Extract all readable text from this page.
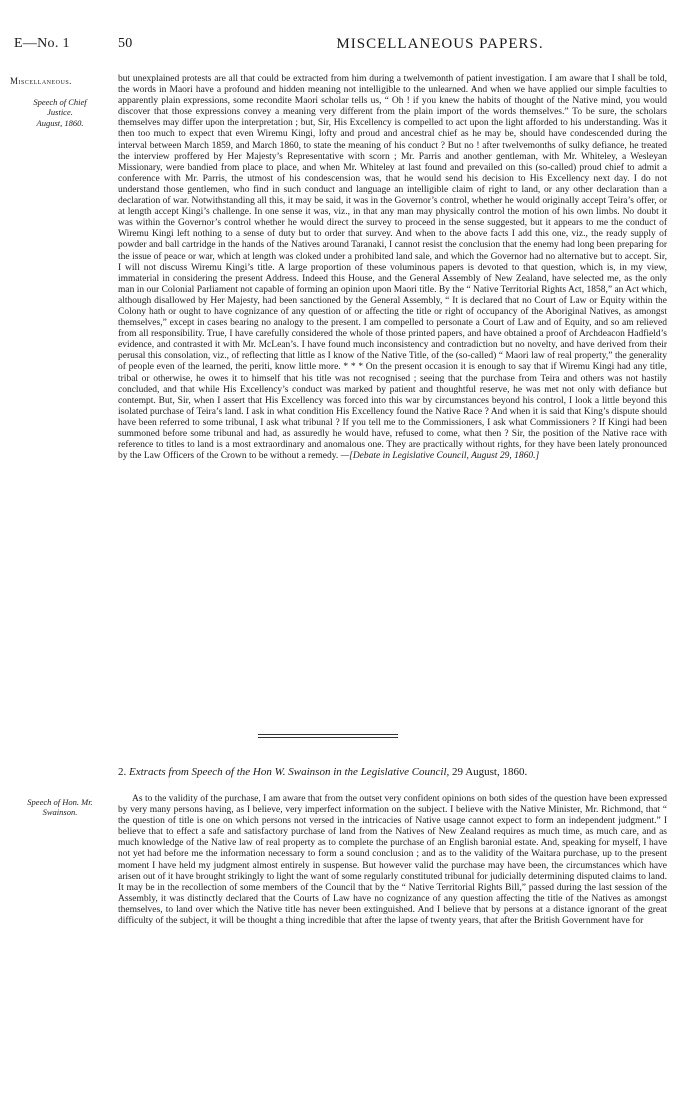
E—No. 1	50	MISCELLANEOUS PAPERS.
Miscellaneous.
Speech of Chief
Justice.
August, 1860.

but unexplained protests are all that could be extracted from him during a twelvemonth of patient investigation. I am aware that I shall be told, the words in Maori have a profound and hidden meaning not intelligible to the unlearned. And when we have applied our simple faculties to apparently plain expressions, some recondite Maori scholar tells us, “ Oh ! if you knew the habits of thought of the Native mind, you would discover that those expressions convey a meaning very different from the plain import of the words themselves.” To be sure, the scholars themselves may differ upon the interpretation ; but, Sir, His Excellency is compelled to act upon the light afforded to his understanding. Was it then too much to expect that even Wiremu Kingi, lofty and proud and ancestral chief as he may be, should have condescended during the interval between March 1859, and March 1860, to state the meaning of his conduct ? But no ! after twelvemonths of sulky defiance, he treated the interview proffered by Her Majesty’s Representative with scorn ; Mr. Parris and another gentleman, with Mr. Whiteley, a Wesleyan Missionary, were bandied from place to place, and when Mr. Whiteley at last found and prevailed on this (so-called) proud chief to admit a conference with Mr. Parris, the utmost of his condescension was, that he would send his decision to His Excellency next day. I do not understand those gentlemen, who find in such conduct and language an intelligible claim of right to land, or any other declaration than a declaration of war. Notwithstanding all this, it may be said, it was in the Governor’s control, whether he would originally accept Teira’s offer, or at length accept Kingi’s challenge. In one sense it was, viz., in that any man may physically control the motion of his own limbs. No doubt it was within the Governor’s control whether he would direct the survey to proceed in the sense suggested, but it appears to me the conduct of Wiremu Kingi left nothing to a sense of duty but to order that survey. And when to the above facts I add this one, viz., the ready supply of powder and ball cartridge in the hands of the Natives around Taranaki, I cannot resist the conclusion that the enemy had long been preparing for the issue of peace or war, which at length was cloked under a prohibited land sale, and which the Governor had no alternative but to accept. Sir, I will not discuss Wiremu Kingi’s title. A large proportion of these voluminous papers is devoted to that question, which is, in my view, immaterial in considering the present Address. Indeed this House, and the General Assembly of New Zealand, have selected me, as the only man in our Colonial Parliament not capable of forming an opinion upon Maori title. By the “ Native Territorial Rights Act, 1858,” an Act which, although disallowed by Her Majesty, had been sanctioned by the General Assembly, “ It is declared that no Court of Law or Equity within the Colony hath or ought to have cognizance of any question of or affecting the title or right of occupancy of the Aboriginal Natives, as amongst themselves,” except in cases bearing no analogy to the present. I am compelled to personate a Court of Law and of Equity, and so am relieved from all responsibility. True, I have carefully considered the whole of those printed papers, and have obtained a proof of Archdeacon Hadfield’s evidence, and contrasted it with Mr. McLean’s. I have found much inconsistency and contradiction but no novelty, and have derived from their perusal this consolation, viz., of reflecting that little as I know of the Native Title, of the (so-called) “ Maori law of real property,” the generality of people even of the learned, the periti, know little more. * * * On the present occasion it is enough to say that if Wiremu Kingi had any title, tribal or otherwise, he owes it to himself that his title was not recognised ; seeing that the purchase from Teira and others was not hastily concluded, and that while His Excellency’s conduct was marked by patient and thoughtful reserve, he was met not only with defiance but contempt. But, Sir, when I assert that His Excellency was forced into this war by circumstances beyond his control, I look a little beyond this isolated purchase of Teira’s land. I ask in what condition His Excellency found the Native Race ? And when it is said that King’s dispute should have been referred to some tribunal, I ask what tribunal ? If you tell me to the Commissioners, I ask what Commissioners ? If Kingi had been summoned before some tribunal and had, as assuredly he would have, refused to come, what then ? Sir, the position of the Native race with reference to titles to land is a most extraordinary and anomalous one. They are practically without rights, for they have been lately pronounced by the Law Officers of the Crown to be without a remedy. —[Debate in Legislative Council, August 29, 1860.]

2. Extracts from Speech of the Hon W. Swainson in the Legislative Council, 29 August, 1860.
Speech of Hon. Mr.
Swainson.

As to the validity of the purchase, I am aware that from the outset very confident opinions on both sides of the question have been expressed by very many persons having, as I believe, very imperfect information on the subject. I believe with the Native Minister, Mr. Richmond, that “ the question of title is one on which persons not versed in the intricacies of Native usage cannot expect to form an independent judgment.” I believe that to effect a safe and satisfactory purchase of land from the Natives of New Zealand requires as much time, as much care, and as much knowledge of the Native law of real property as to complete the purchase of an English baronial estate. And, speaking for myself, I have not yet had before me the information necessary to form a sound conclusion ; and as to the validity of the Waitara purchase, up to the present moment I have held my judgment almost entirely in suspense. But however valid the purchase may have been, the circumstances which have arisen out of it have brought strikingly to light the want of some regularly constituted tribunal for judicially determining disputed claims to land. It may be in the recollection of some members of the Council that by the “ Native Territorial Rights Bill,” passed during the last session of the Assembly, it was distinctly declared that the Courts of Law have no cognizance of any question affecting the title of the Natives as amongst themselves, to land over which the Native title has never been extinguished. And I believe that by persons at a distance ignorant of the great difficulty of the subject, it will be thought a thing incredible that after the lapse of twenty years, that after the British Government have for
